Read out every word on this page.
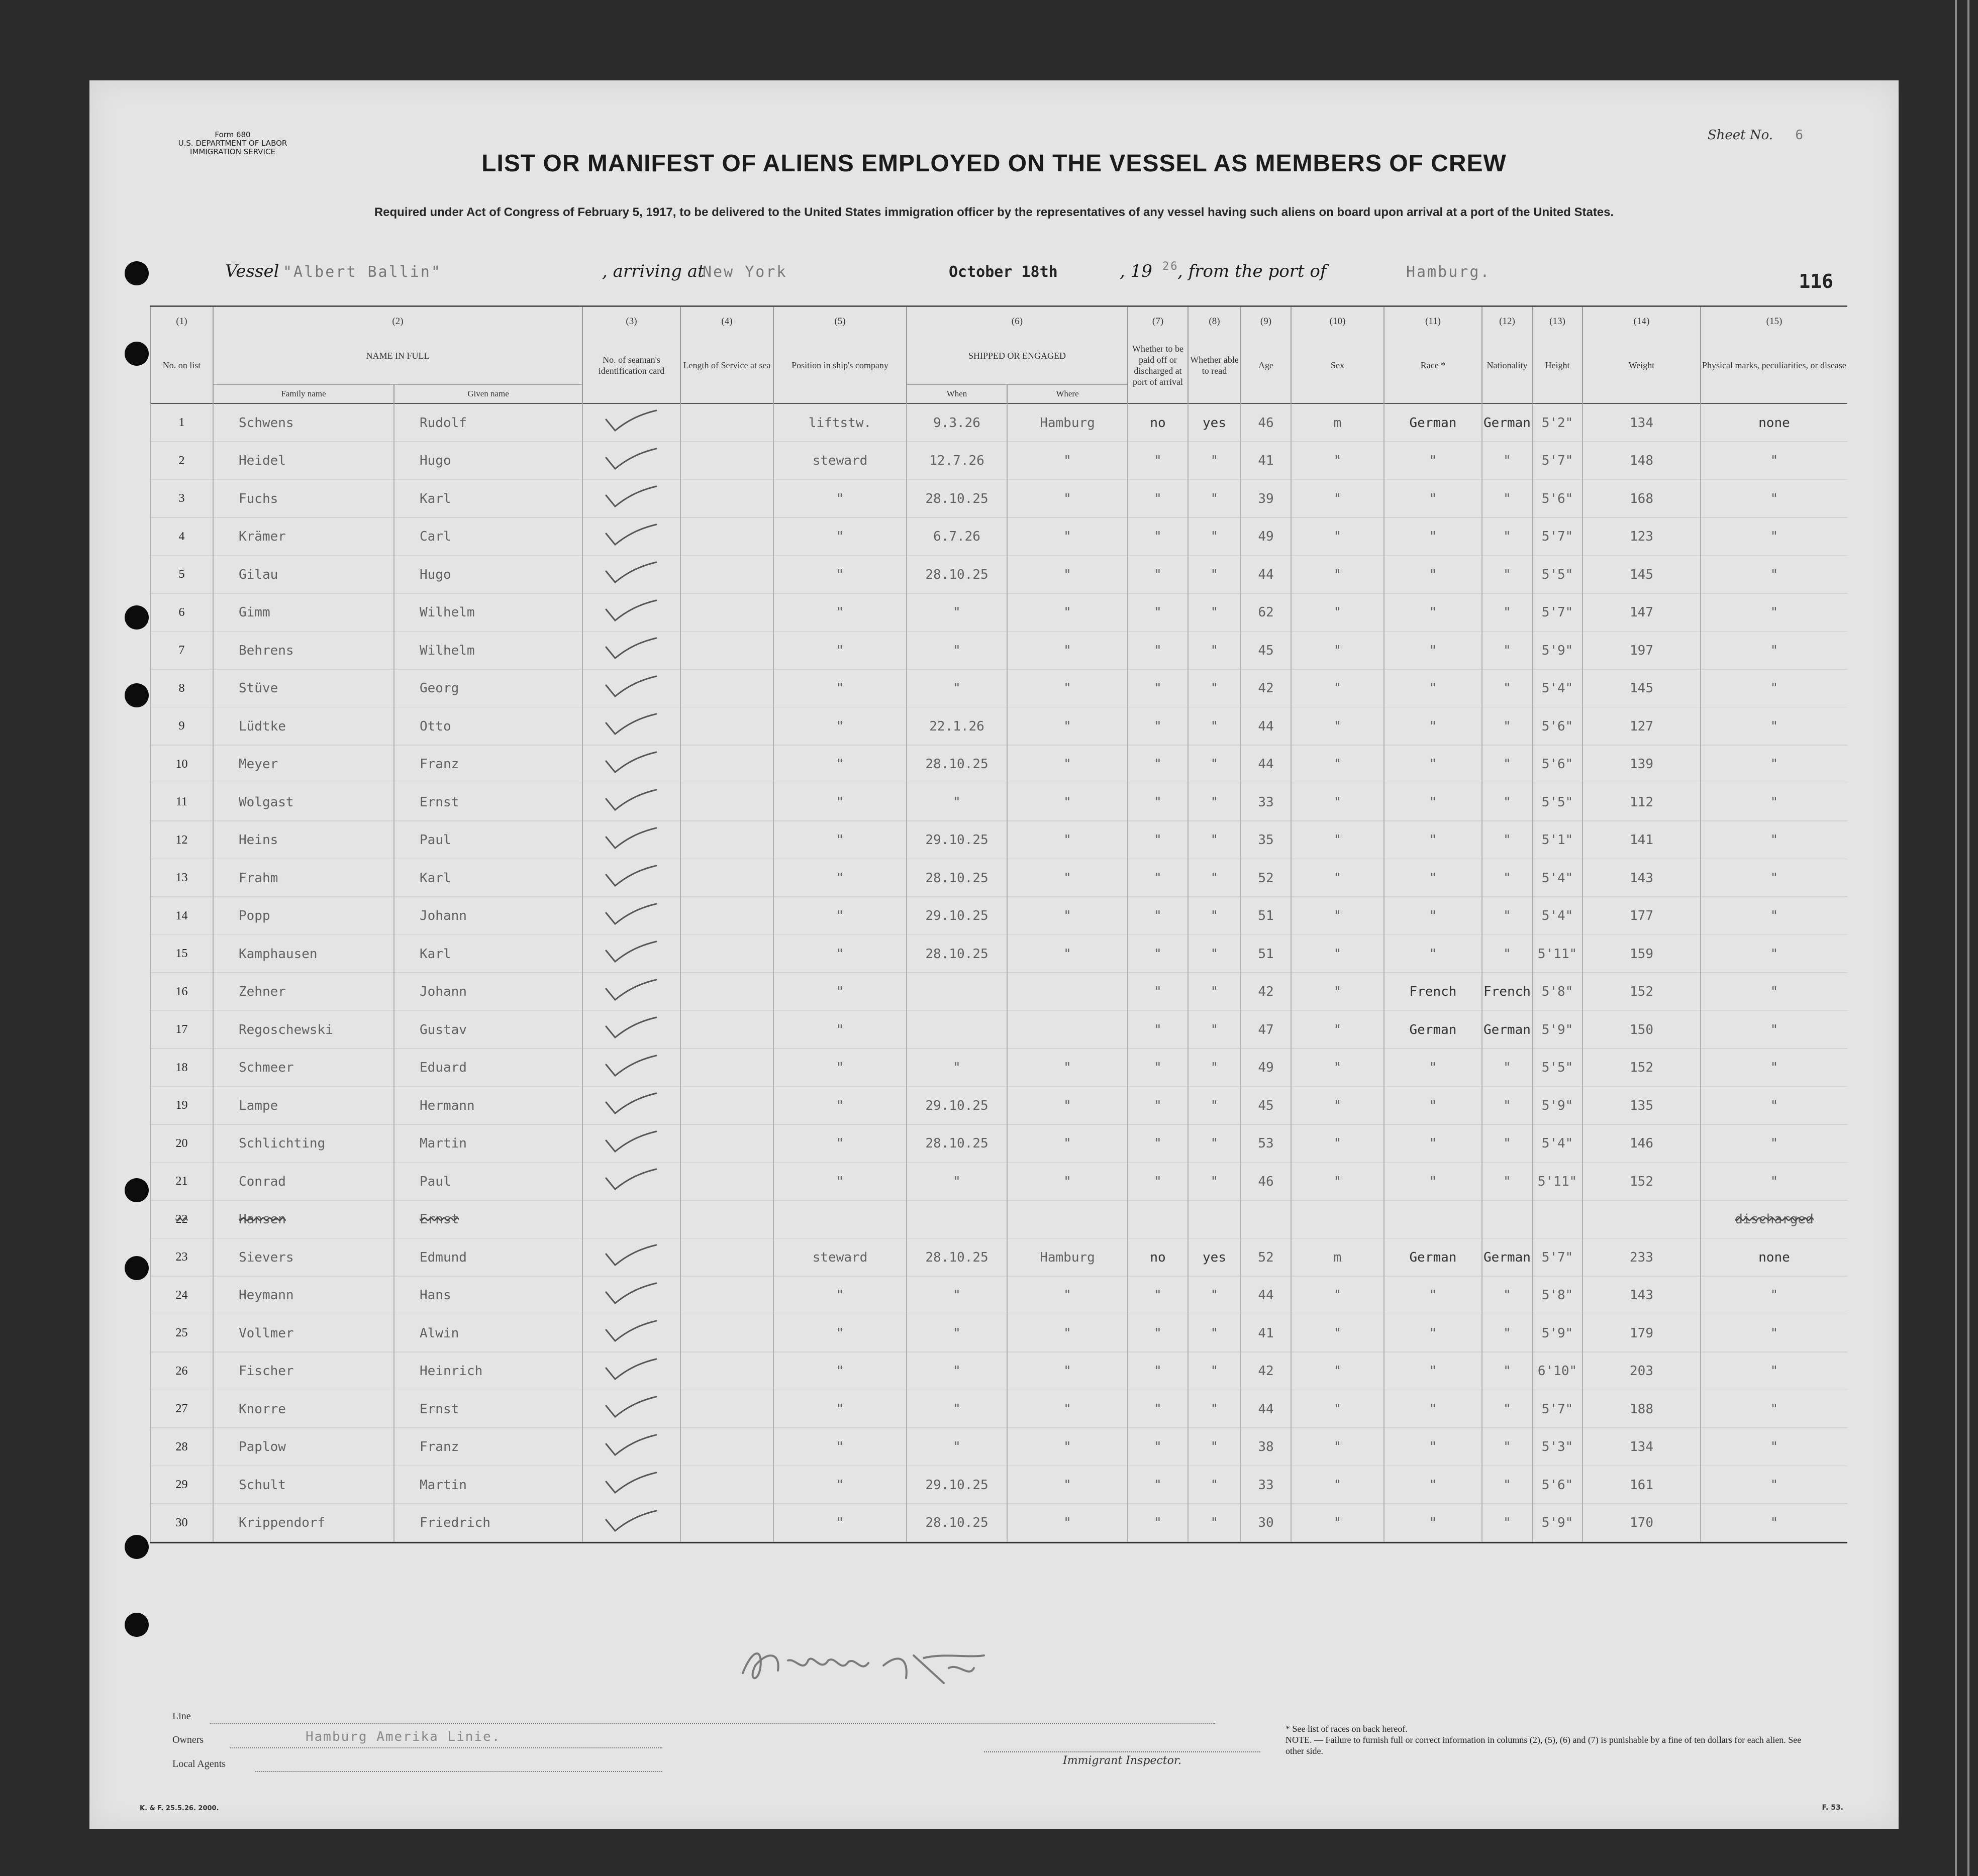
Form 680
U.S. DEPARTMENT OF LABOR
IMMIGRATION SERVICE
Sheet No. 6
LIST OR MANIFEST OF ALIENS EMPLOYED ON THE VESSEL AS MEMBERS OF CREW
Required under Act of Congress of February 5, 1917, to be delivered to the United States immigration officer by the representatives of any vessel having such aliens on board upon arrival at a port of the United States.
Vessel "Albert Ballin"	, arriving at
New York	October 18th	, 19 26
, from the port of	Hamburg.	116
(1)	(2)		(3)	(4)	(5)	(6)		(7)	(8)	(9)	(10)	(11)	(12)	(13)	(14)	(15)
No. on list	NAME IN FULL		No. of seaman's identification card	Length of Service at sea	Position in ship's company	SHIPPED OR ENGAGED		Whether to be paid off or discharged at port of arrival	Whether able to read	Age	Sex	Race *	Nationality	Height	Weight	Physical marks, peculiarities, or disease
	Family name	Given name				When	Where									
1	Schwens	Rudolf			liftstw.	9.3.26	Hamburg	no	yes	46	m	German	German	5'2"	134	none
2	Heidel	Hugo			steward	12.7.26	"	"	"	41	"	"	"	5'7"	148	"
3	Fuchs	Karl			"	28.10.25	"	"	"	39	"	"	"	5'6"	168	"
4	Krämer	Carl			"	6.7.26	"	"	"	49	"	"	"	5'7"	123	"
5	Gilau	Hugo			"	28.10.25	"	"	"	44	"	"	"	5'5"	145	"
6	Gimm	Wilhelm			"	"	"	"	"	62	"	"	"	5'7"	147	"
7	Behrens	Wilhelm			"	"	"	"	"	45	"	"	"	5'9"	197	"
8	Stüve	Georg			"	"	"	"	"	42	"	"	"	5'4"	145	"
9	Lüdtke	Otto			"	22.1.26	"	"	"	44	"	"	"	5'6"	127	"
10	Meyer	Franz			"	28.10.25	"	"	"	44	"	"	"	5'6"	139	"
11	Wolgast	Ernst			"	"	"	"	"	33	"	"	"	5'5"	112	"
12	Heins	Paul			"	29.10.25	"	"	"	35	"	"	"	5'1"	141	"
13	Frahm	Karl			"	28.10.25	"	"	"	52	"	"	"	5'4"	143	"
14	Popp	Johann			"	29.10.25	"	"	"	51	"	"	"	5'4"	177	"
15	Kamphausen	Karl			"	28.10.25	"	"	"	51	"	"	"	5'11"	159	"
16	Zehner	Johann			"			"	"	42	"	French	French	5'8"	152	"
17	Regoschewski	Gustav			"			"	"	47	"	German	German	5'9"	150	"
18	Schmeer	Eduard			"	"	"	"	"	49	"	"	"	5'5"	152	"
19	Lampe	Hermann			"	29.10.25	"	"	"	45	"	"	"	5'9"	135	"
20	Schlichting	Martin			"	28.10.25	"	"	"	53	"	"	"	5'4"	146	"
21	Conrad	Paul			"	"	"	"	"	46	"	"	"	5'11"	152	"
22	Hansen	Ernst														discharged
23	Sievers	Edmund			steward	28.10.25	Hamburg	no	yes	52	m	German	German	5'7"	233	none
24	Heymann	Hans			"	"	"	"	"	44	"	"	"	5'8"	143	"
25	Vollmer	Alwin			"	"	"	"	"	41	"	"	"	5'9"	179	"
26	Fischer	Heinrich			"	"	"	"	"	42	"	"	"	6'10"	203	"
27	Knorre	Ernst			"	"	"	"	"	44	"	"	"	5'7"	188	"
28	Paplow	Franz			"	"	"	"	"	38	"	"	"	5'3"	134	"
29	Schult	Martin			"	29.10.25	"	"	"	33	"	"	"	5'6"	161	"
30	Krippendorf	Friedrich			"	28.10.25	"	"	"	30	"	"	"	5'9"	170	"
Line
Owners	Hamburg Amerika Linie.
Local Agents	Immigrant Inspector.
* See list of races on back hereof.
NOTE. — Failure to furnish full or correct information in columns (2), (5), (6) and (7) is punishable by a fine of ten dollars for each alien. See other side.
K. & F. 25.5.26. 2000.	F. 53.
